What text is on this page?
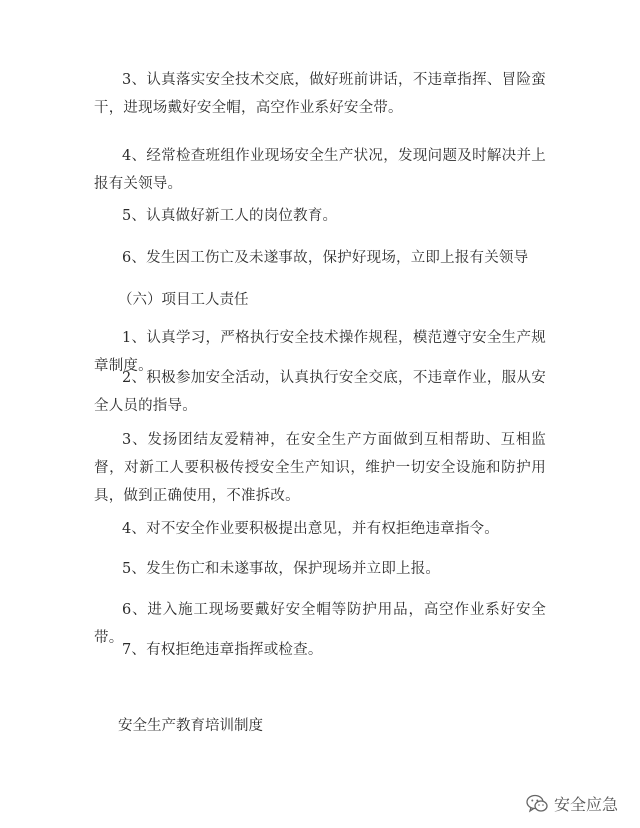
3、认真落实安全技术交底，做好班前讲话，不违章指挥、冒险蛮干，进现场戴好安全帽，高空作业系好安全带。

4、经常检查班组作业现场安全生产状况，发现问题及时解决并上报有关领导。

5、认真做好新工人的岗位教育。

6、发生因工伤亡及未遂事故，保护好现场，立即上报有关领导

（六）项目工人责任

1、认真学习，严格执行安全技术操作规程，模范遵守安全生产规章制度。

2、积极参加安全活动，认真执行安全交底，不违章作业，服从安全人员的指导。

3、发扬团结友爱精神，在安全生产方面做到互相帮助、互相监督，对新工人要积极传授安全生产知识，维护一切安全设施和防护用具，做到正确使用，不准拆改。

4、对不安全作业要积极提出意见，并有权拒绝违章指令。

5、发生伤亡和未遂事故，保护现场并立即上报。

6、进入施工现场要戴好安全帽等防护用品，高空作业系好安全带。

7、有权拒绝违章指挥或检查。

安全生产教育培训制度
安全应急
